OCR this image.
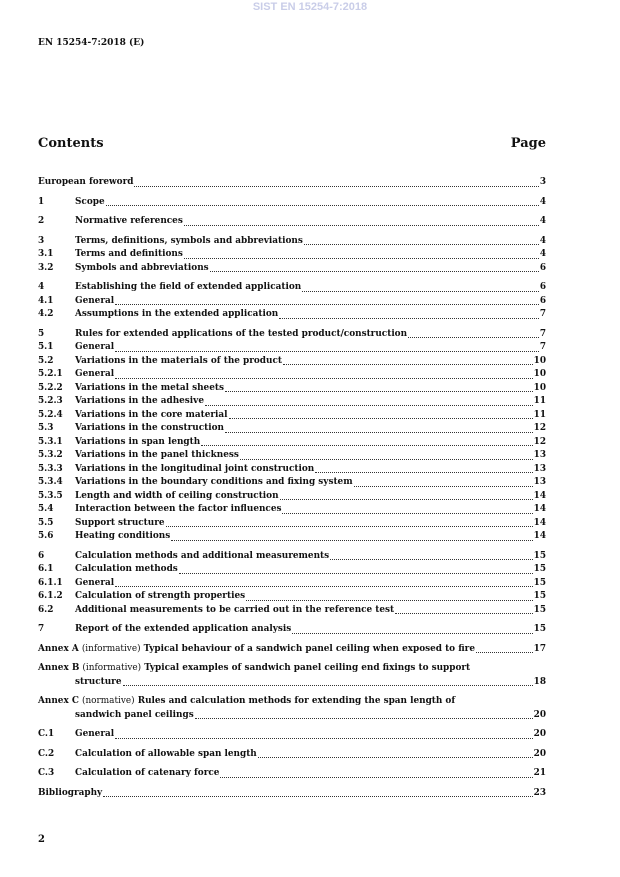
SIST EN 15254-7:2018
EN 15254-7:2018 (E)
Contents	Page
European foreword	3
1	Scope	4
2	Normative references	4
3	Terms, definitions, symbols and abbreviations	4
3.1	Terms and definitions	4
3.2	Symbols and abbreviations	6
4	Establishing the field of extended application	6
4.1	General	6
4.2	Assumptions in the extended application	7
5	Rules for extended applications of the tested product/construction	7
5.1	General	7
5.2	Variations in the materials of the product	10
5.2.1	General	10
5.2.2	Variations in the metal sheets	10
5.2.3	Variations in the adhesive	11
5.2.4	Variations in the core material	11
5.3	Variations in the construction	12
5.3.1	Variations in span length	12
5.3.2	Variations in the panel thickness	13
5.3.3	Variations in the longitudinal joint construction	13
5.3.4	Variations in the boundary conditions and fixing system	13
5.3.5	Length and width of ceiling construction	14
5.4	Interaction between the factor influences	14
5.5	Support structure	14
5.6	Heating conditions	14
6	Calculation methods and additional measurements	15
6.1	Calculation methods	15
6.1.1	General	15
6.1.2	Calculation of strength properties	15
6.2	Additional measurements to be carried out in the reference test	15
7	Report of the extended application analysis	15
Annex A (informative) Typical behaviour of a sandwich panel ceiling when exposed to fire	17
Annex B (informative) Typical examples of sandwich panel ceiling end fixings to support
structure	18
Annex C (normative) Rules and calculation methods for extending the span length of
sandwich panel ceilings	20
C.1	General	20
C.2	Calculation of allowable span length	20
C.3	Calculation of catenary force	21
Bibliography	23
2
